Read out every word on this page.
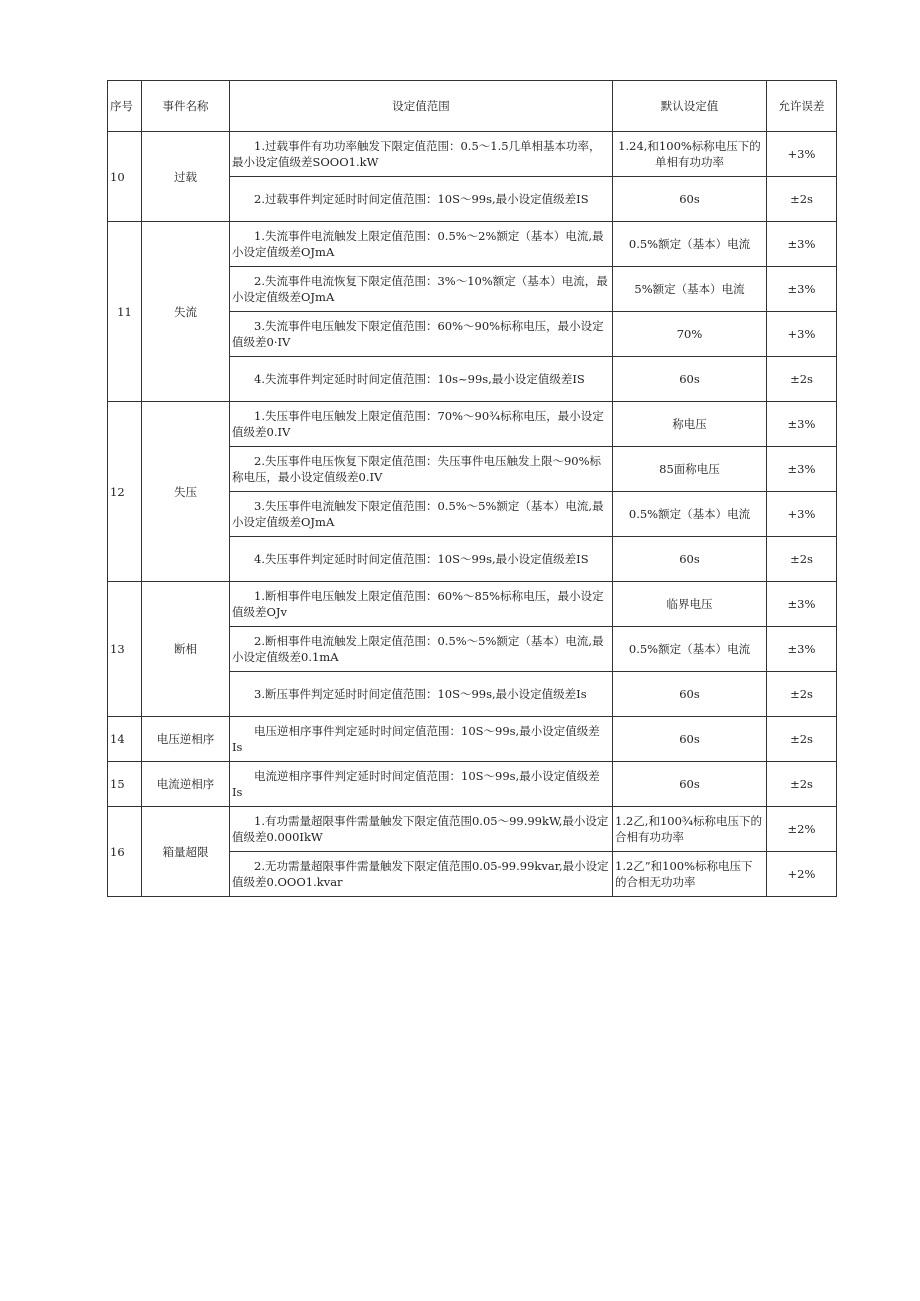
序号	事件名称	设定值范围	默认设定值	允许误差
10	过载	1.过载事件有功功率触发下限定值范围：0.5～1.5几单相基本功率，最小设定值级差SOOO1.kW	1.24,和100%标称电压下的单相有功功率	+3%
		2.过载事件判定延时时间定值范围：10S～99s,最小设定值级差IS	60s	±2s
11	失流	1.失流事件电流触发上限定值范围：0.5%～2%额定（基本）电流,最小设定值级差OJmA	0.5%额定（基本）电流	±3%
		2.失流事件电流恢复下限定值范围：3%～10%额定（基本）电流，最小设定值级差OJmA	5%额定（基本）电流	±3%
		3.失流事件电压触发下限定值范围：60%～90%标称电压，最小设定值级差0·IV	70%	+3%
		4.失流事件判定延时时间定值范围：10s~99s,最小设定值级差IS	60s	±2s
12	失压	1.失压事件电压触发上限定值范围：70%～90¾标称电压，最小设定值级差0.IV	称电压	±3%
		2.失压事件电压恢复下限定值范围：失压事件电压触发上限～90%标称电压，最小设定值级差0.IV	85面称电压	±3%
		3.失压事件电流触发下限定值范围：0.5%～5%额定（基本）电流,最小设定值级差OJmA	0.5%额定（基本）电流	+3%
		4.失压事件判定延时时间定值范围：10S～99s,最小设定值级差IS	60s	±2s
13	断相	1.断相事件电压触发上限定值范围：60%～85%标称电压，最小设定值级差OJv	临界电压	±3%
		2.断相事件电流触发上限定值范围：0.5%～5%额定（基本）电流,最小设定值级差0.1mA	0.5%额定（基本）电流	±3%
		3.断压事件判定延时时间定值范围：10S～99s,最小设定值级差Is	60s	±2s
14	电压逆相序	电压逆相序事件判定延时时间定值范围：10S～99s,最小设定值级差Is	60s	±2s
15	电流逆相序	电流逆相序事件判定延时时间定值范围：10S～99s,最小设定值级差Is	60s	±2s
16	箱量超限	1.有功需量超限事件需量触发下限定值范围0.05～99.99kW,最小设定值级差0.000IkW	1.2乙,和100¾标称电压下的合相有功功率	±2%
		2.无功需量超限事件需量触发下限定值范围0.05-99.99kvar,最小设定值级差0.OOO1.kvar	1.2乙”和100%标称电压下的合相无功功率	+2%
